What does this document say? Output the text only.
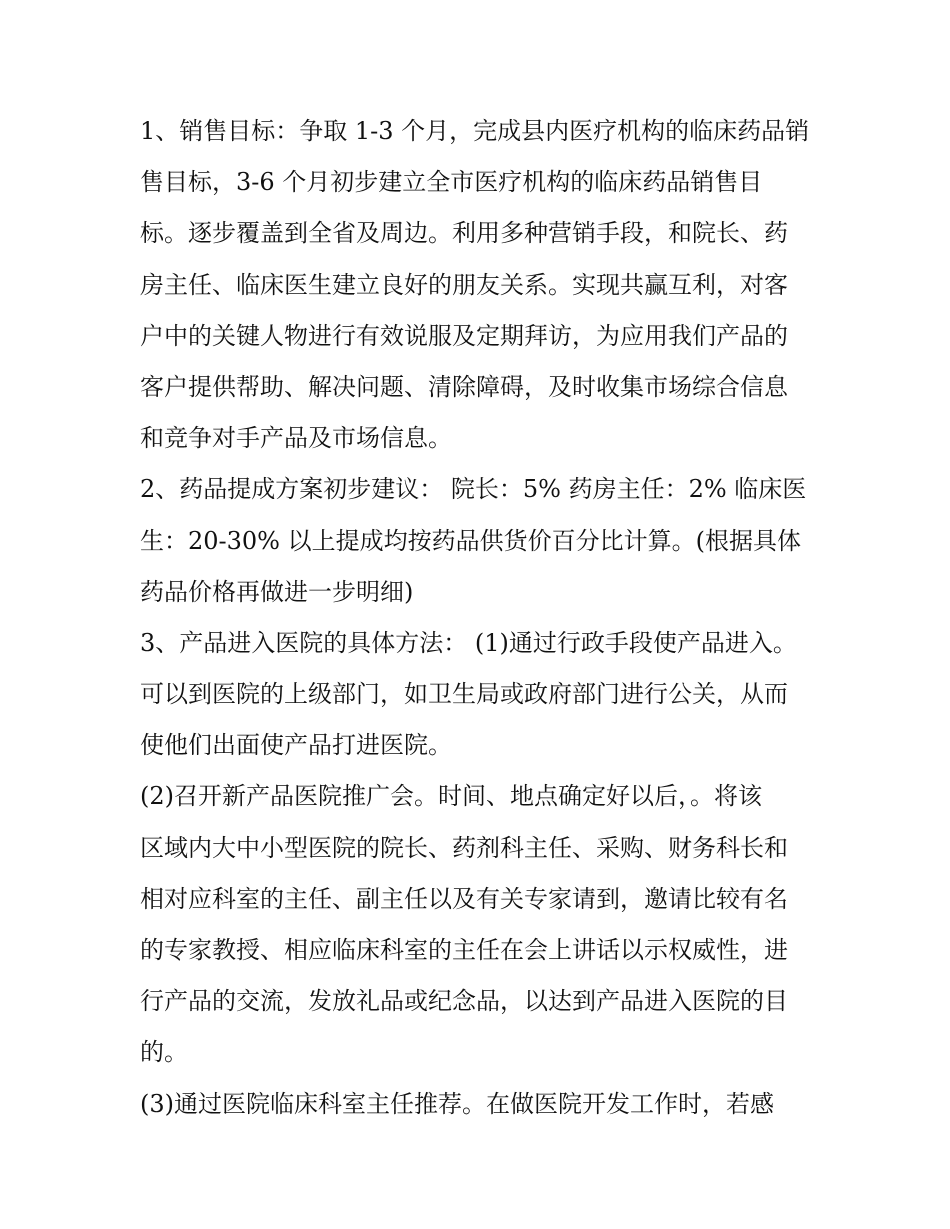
1、销售目标：争取 1-3 个月，完成县内医疗机构的临床药品销
售目标，3-6 个月初步建立全市医疗机构的临床药品销售目
标。逐步覆盖到全省及周边。利用多种营销手段，和院长、药
房主任、临床医生建立良好的朋友关系。实现共赢互利，对客
户中的关键人物进行有效说服及定期拜访，为应用我们产品的
客户提供帮助、解决问题、清除障碍，及时收集市场综合信息
和竞争对手产品及市场信息。
2、药品提成方案初步建议： 院长：5% 药房主任：2% 临床医
生：20-30% 以上提成均按药品供货价百分比计算。(根据具体
药品价格再做进一步明细)
3、产品进入医院的具体方法： (1)通过行政手段使产品进入。
可以到医院的上级部门，如卫生局或政府部门进行公关，从而
使他们出面使产品打进医院。
(2)召开新产品医院推广会。时间、地点确定好以后，。将该
区域内大中小型医院的院长、药剂科主任、采购、财务科长和
相对应科室的主任、副主任以及有关专家请到，邀请比较有名
的专家教授、相应临床科室的主任在会上讲话以示权威性，进
行产品的交流，发放礼品或纪念品，以达到产品进入医院的目
的。
(3)通过医院临床科室主任推荐。在做医院开发工作时，若感
